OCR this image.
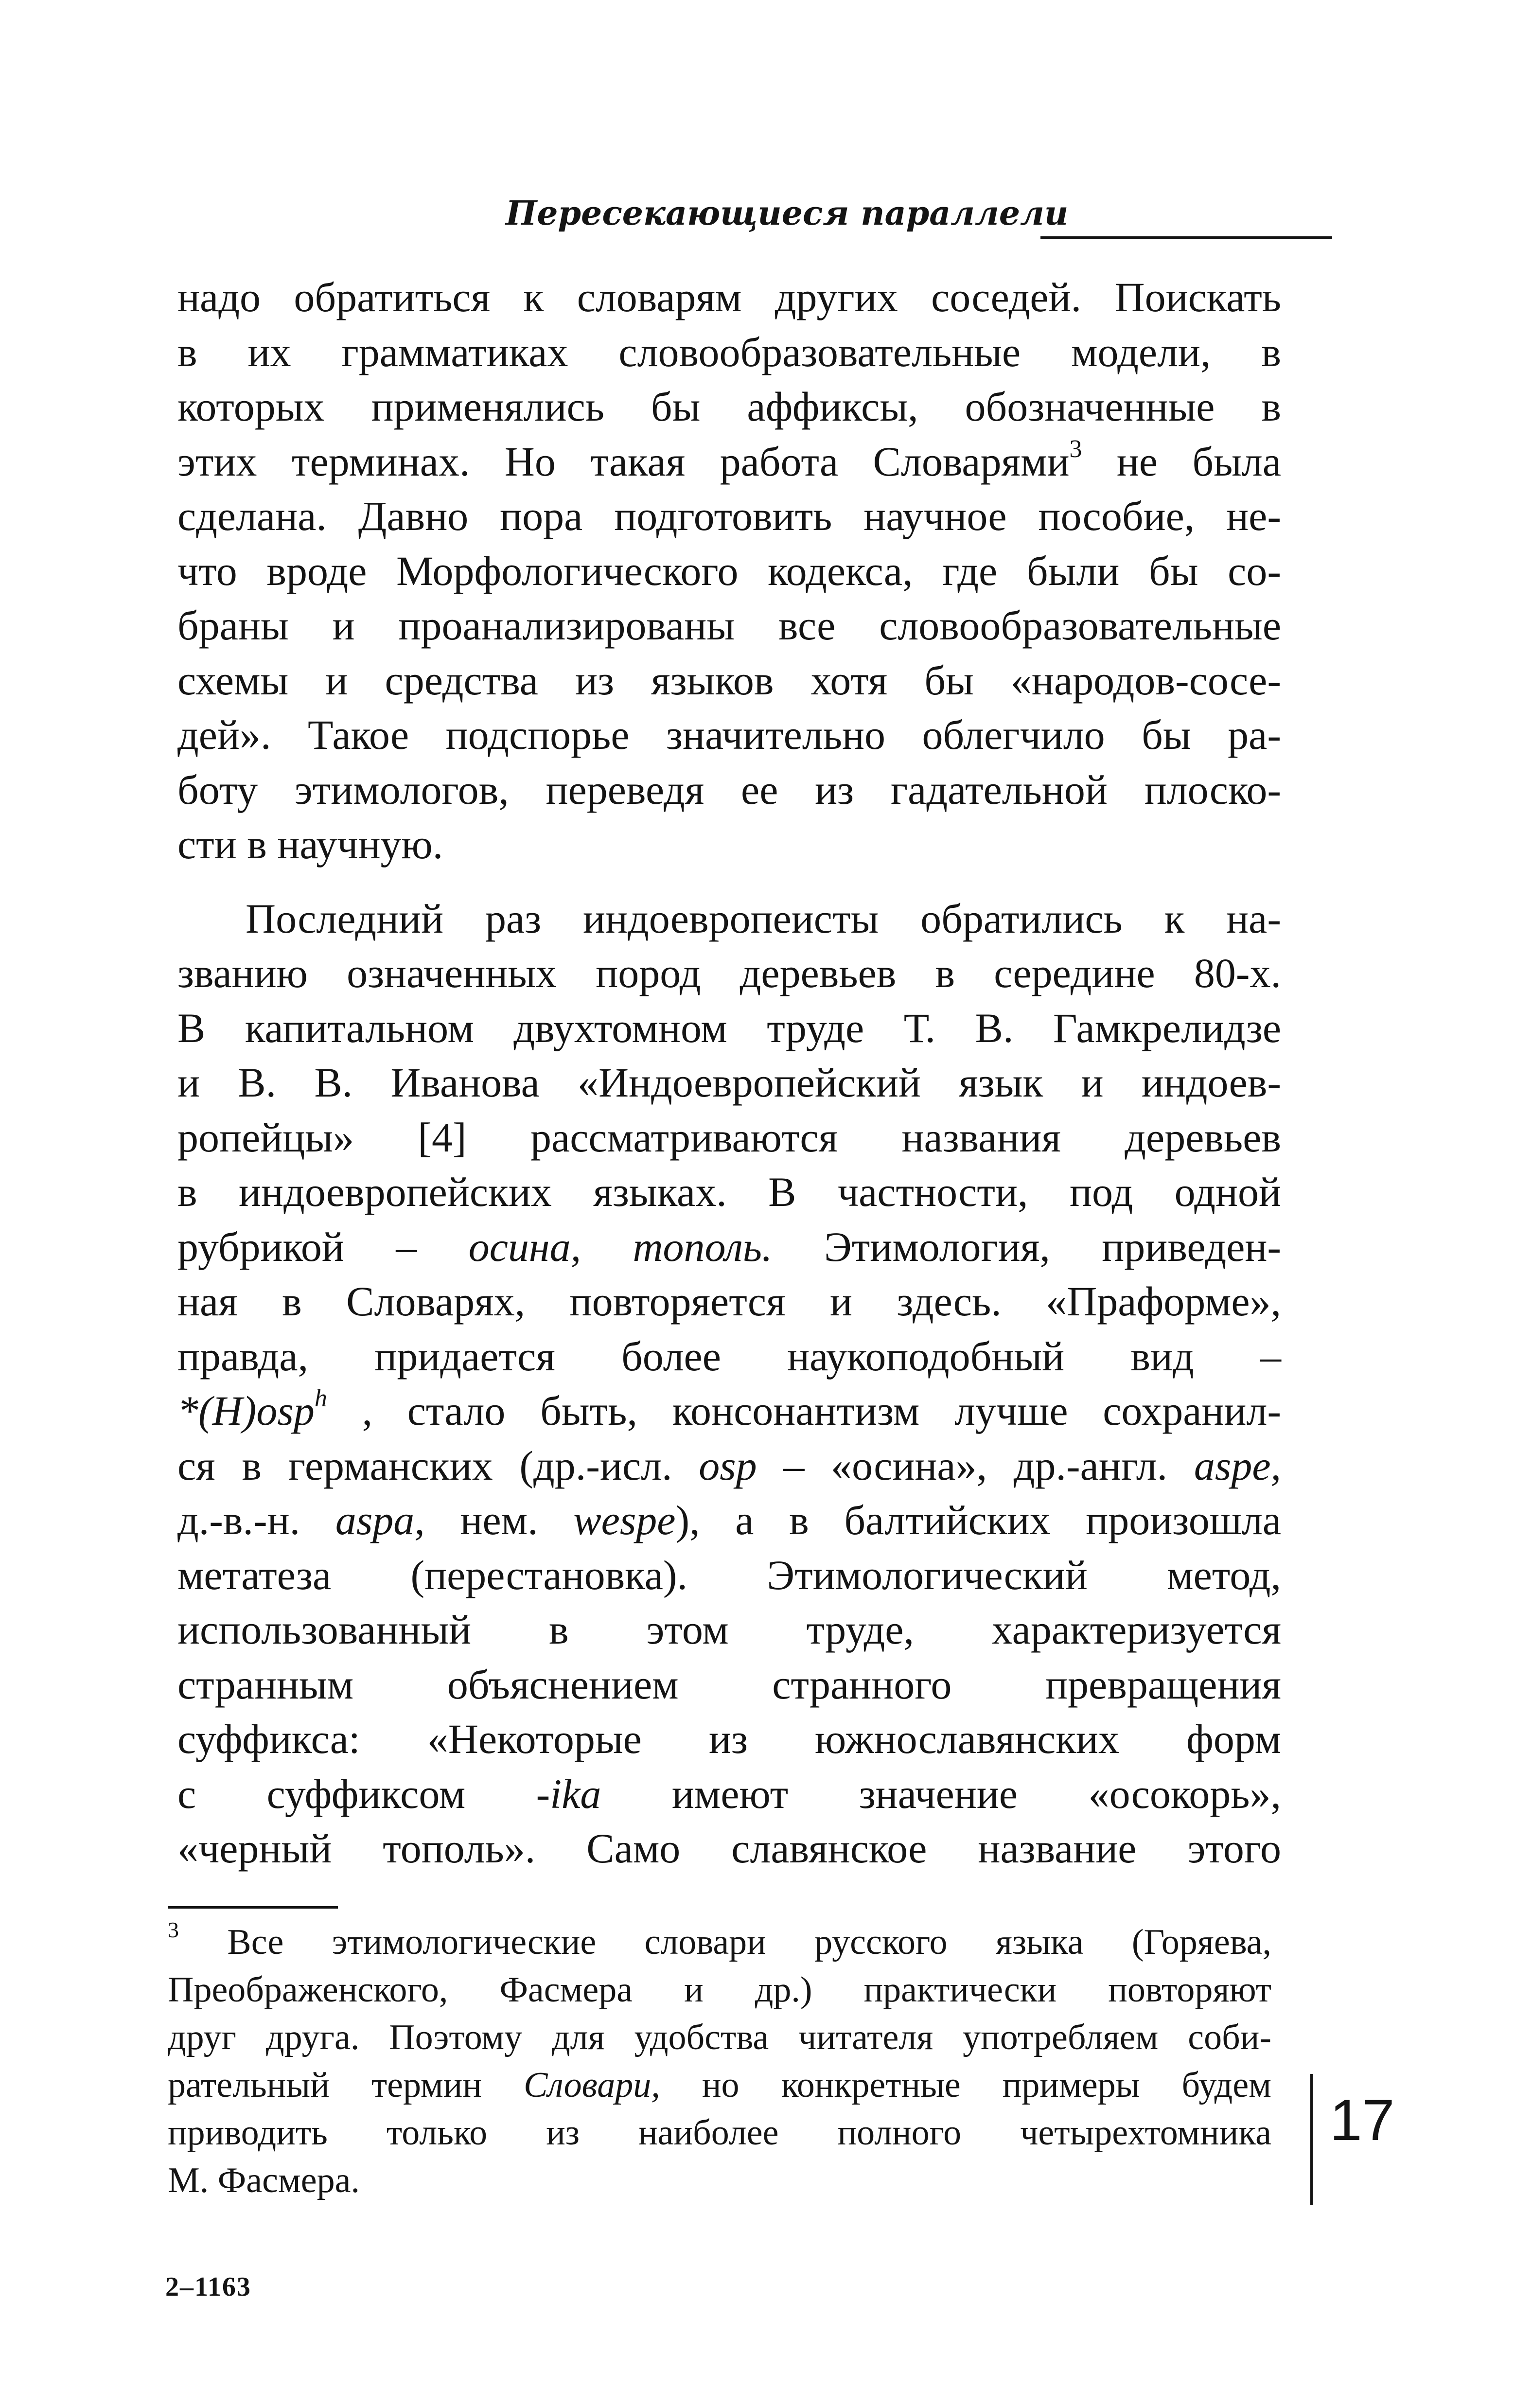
Пересекающиеся параллели
надо обратиться к словарям других соседей. Поискать
в их грамматиках словообразовательные модели, в
которых применялись бы аффиксы, обозначенные в
этих терминах. Но такая работа Словарями$^3$ не была
сделана. Давно пора подготовить научное пособие, не-
что вроде Морфологического кодекса, где были бы со-
браны и проанализированы все словообразовательные
схемы и средства из языков хотя бы «народов-сосе-
дей». Такое подспорье значительно облегчило бы ра-
боту этимологов, переведя ее из гадательной плоско-
сти в научную.
Последний раз индоевропеисты обратились к на-
званию означенных пород деревьев в середине 80-х.
В капитальном двухтомном труде Т. В. Гамкрелидзе
и В. В. Иванова «Индоевропейский язык и индоев-
ропейцы» [4] рассматриваются названия деревьев
в индоевропейских языках. В частности, под одной
рубрикой – осина, тополь. Этимология, приведен-
ная в Словарях, повторяется и здесь. «Праформе»,
правда, придается более наукоподобный вид –
*(H)osp$^h$ , стало быть, консонантизм лучше сохранил-
ся в германских (др.-исл. osp – «осина», др.-англ. aspe,
д.-в.-н. aspa, нем. wespe), а в балтийских произошла
метатеза (перестановка). Этимологический метод,
использованный в этом труде, характеризуется
странным объяснением странного превращения
суффикса: «Некоторые из южнославянских форм
с суффиксом -ika имеют значение «осокорь»,
«черный тополь». Само славянское название этого
$^3$ Все этимологические словари русского языка (Горяева,
Преображенского, Фасмера и др.) практически повторяют
друг друга. Поэтому для удобства читателя употребляем соби-
рательный термин Словари, но конкретные примеры будем
приводить только из наиболее полного четырехтомника
М. Фасмера.
17
2–1163
